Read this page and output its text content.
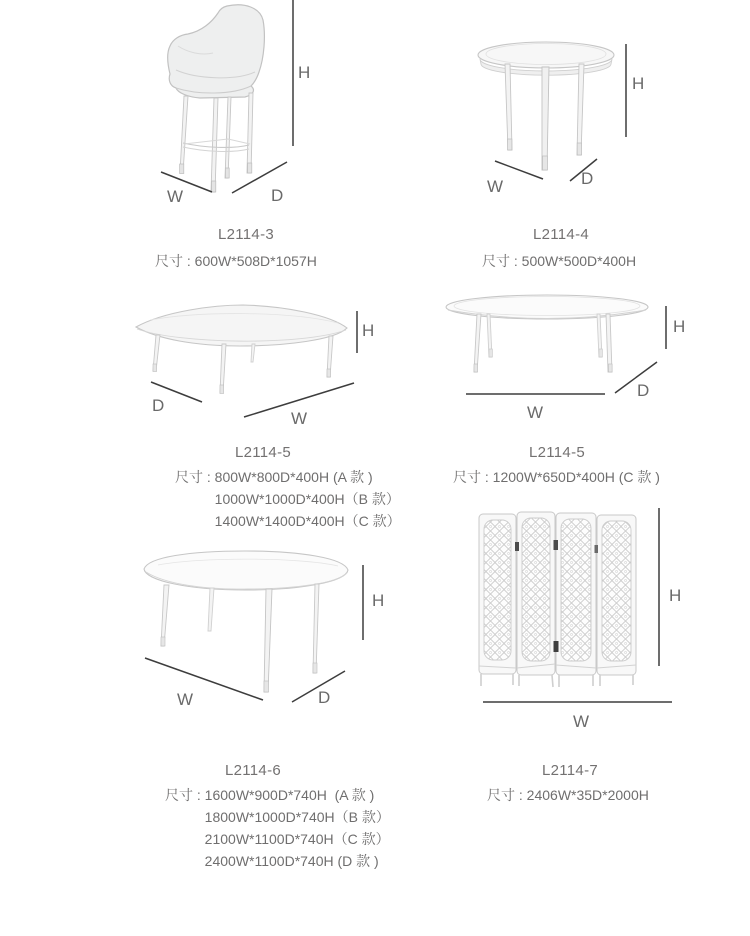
H
W	D
H
W	D
H
D
W
H
D
W
H
W	D
H
W
L2114-3
尺寸 : 600W*508D*1057H
L2114-4
尺寸 : 500W*500D*400H
L2114-5
尺寸 : 800W*800D*400H (A 款 )
1000W*1000D*400H（B 款）
1400W*1400D*400H（C 款）
L2114-5
尺寸 : 1200W*650D*400H (C 款 )
L2114-6
尺寸 : 1600W*900D*740H  (A 款 )
1800W*1000D*740H（B 款）
2100W*1100D*740H（C 款）
2400W*1100D*740H (D 款 )
L2114-7
尺寸 : 2406W*35D*2000H
